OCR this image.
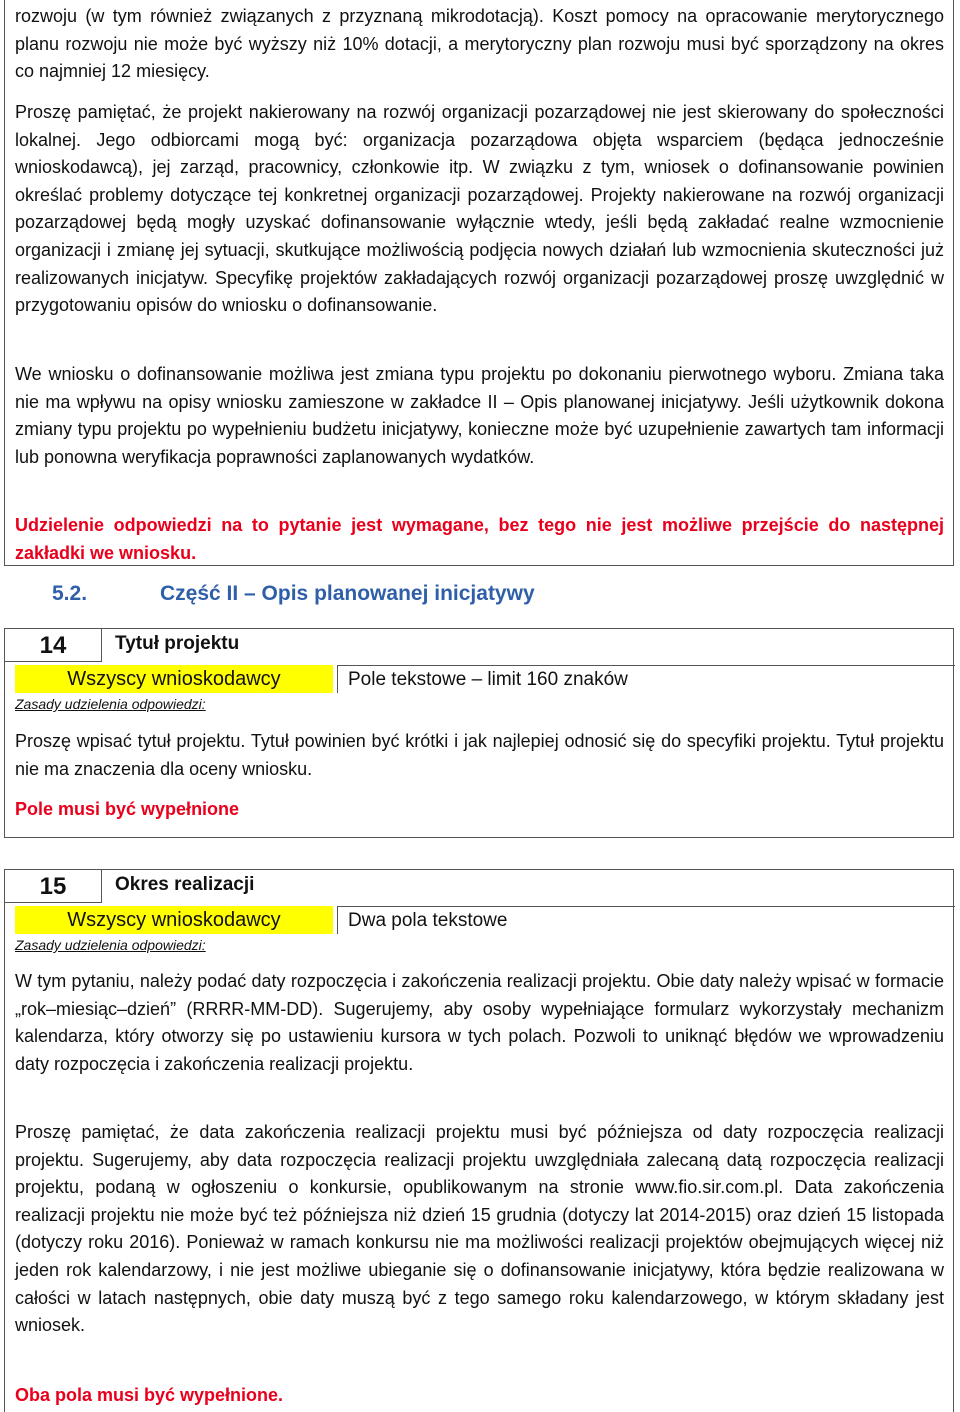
rozwoju (w tym również związanych z przyznaną mikrodotacją). Koszt pomocy na opracowanie merytorycznego planu rozwoju nie może być wyższy niż 10% dotacji, a merytoryczny plan rozwoju musi być sporządzony na okres co najmniej 12 miesięcy.
Proszę pamiętać, że projekt nakierowany na rozwój organizacji pozarządowej nie jest skierowany do społeczności lokalnej. Jego odbiorcami mogą być: organizacja pozarządowa objęta wsparciem (będąca jednocześnie wnioskodawcą), jej zarząd, pracownicy, członkowie itp. W związku z tym, wniosek o dofinansowanie powinien określać problemy dotyczące tej konkretnej organizacji pozarządowej. Projekty nakierowane na rozwój organizacji pozarządowej będą mogły uzyskać dofinansowanie wyłącznie wtedy, jeśli będą zakładać realne wzmocnienie organizacji i zmianę jej sytuacji, skutkujące możliwością podjęcia nowych działań lub wzmocnienia skuteczności już realizowanych inicjatyw. Specyfikę projektów zakładających rozwój organizacji pozarządowej proszę uwzględnić w przygotowaniu opisów do wniosku o dofinansowanie.
We wniosku o dofinansowanie możliwa jest zmiana typu projektu po dokonaniu pierwotnego wyboru. Zmiana taka nie ma wpływu na opisy wniosku zamieszone w zakładce II – Opis planowanej inicjatywy. Jeśli użytkownik dokona zmiany typu projektu po wypełnieniu budżetu inicjatywy, konieczne może być uzupełnienie zawartych tam informacji lub ponowna weryfikacja poprawności zaplanowanych wydatków.
Udzielenie odpowiedzi na to pytanie jest wymagane, bez tego nie jest możliwe przejście do następnej zakładki we wniosku.
5.2.	Część II – Opis planowanej inicjatywy
14	Tytuł projektu
Wszyscy wnioskodawcy	Pole tekstowe – limit 160 znaków
Zasady udzielenia odpowiedzi:
Proszę wpisać tytuł projektu. Tytuł powinien być krótki i jak najlepiej odnosić się do specyfiki projektu. Tytuł projektu nie ma znaczenia dla oceny wniosku.
Pole musi być wypełnione
15	Okres realizacji
Wszyscy wnioskodawcy	Dwa pola tekstowe
Zasady udzielenia odpowiedzi:
W tym pytaniu, należy podać daty rozpoczęcia i zakończenia realizacji projektu. Obie daty należy wpisać w formacie „rok–miesiąc–dzień” (RRRR-MM-DD). Sugerujemy, aby osoby wypełniające formularz wykorzystały mechanizm kalendarza, który otworzy się po ustawieniu kursora w tych polach. Pozwoli to uniknąć błędów we wprowadzeniu daty rozpoczęcia i zakończenia realizacji projektu.
Proszę pamiętać, że data zakończenia realizacji projektu musi być późniejsza od daty rozpoczęcia realizacji projektu. Sugerujemy, aby data rozpoczęcia realizacji projektu uwzględniała zalecaną datą rozpoczęcia realizacji projektu, podaną w ogłoszeniu o konkursie, opublikowanym na stronie www.fio.sir.com.pl. Data zakończenia realizacji projektu nie może być też późniejsza niż dzień 15 grudnia (dotyczy lat 2014-2015) oraz dzień 15 listopada (dotyczy roku 2016). Ponieważ w ramach konkursu nie ma możliwości realizacji projektów obejmujących więcej niż jeden rok kalendarzowy, i nie jest możliwe ubieganie się o dofinansowanie inicjatywy, która będzie realizowana w całości w latach następnych, obie daty muszą być z tego samego roku kalendarzowego, w którym składany jest wniosek.
Oba pola musi być wypełnione.
